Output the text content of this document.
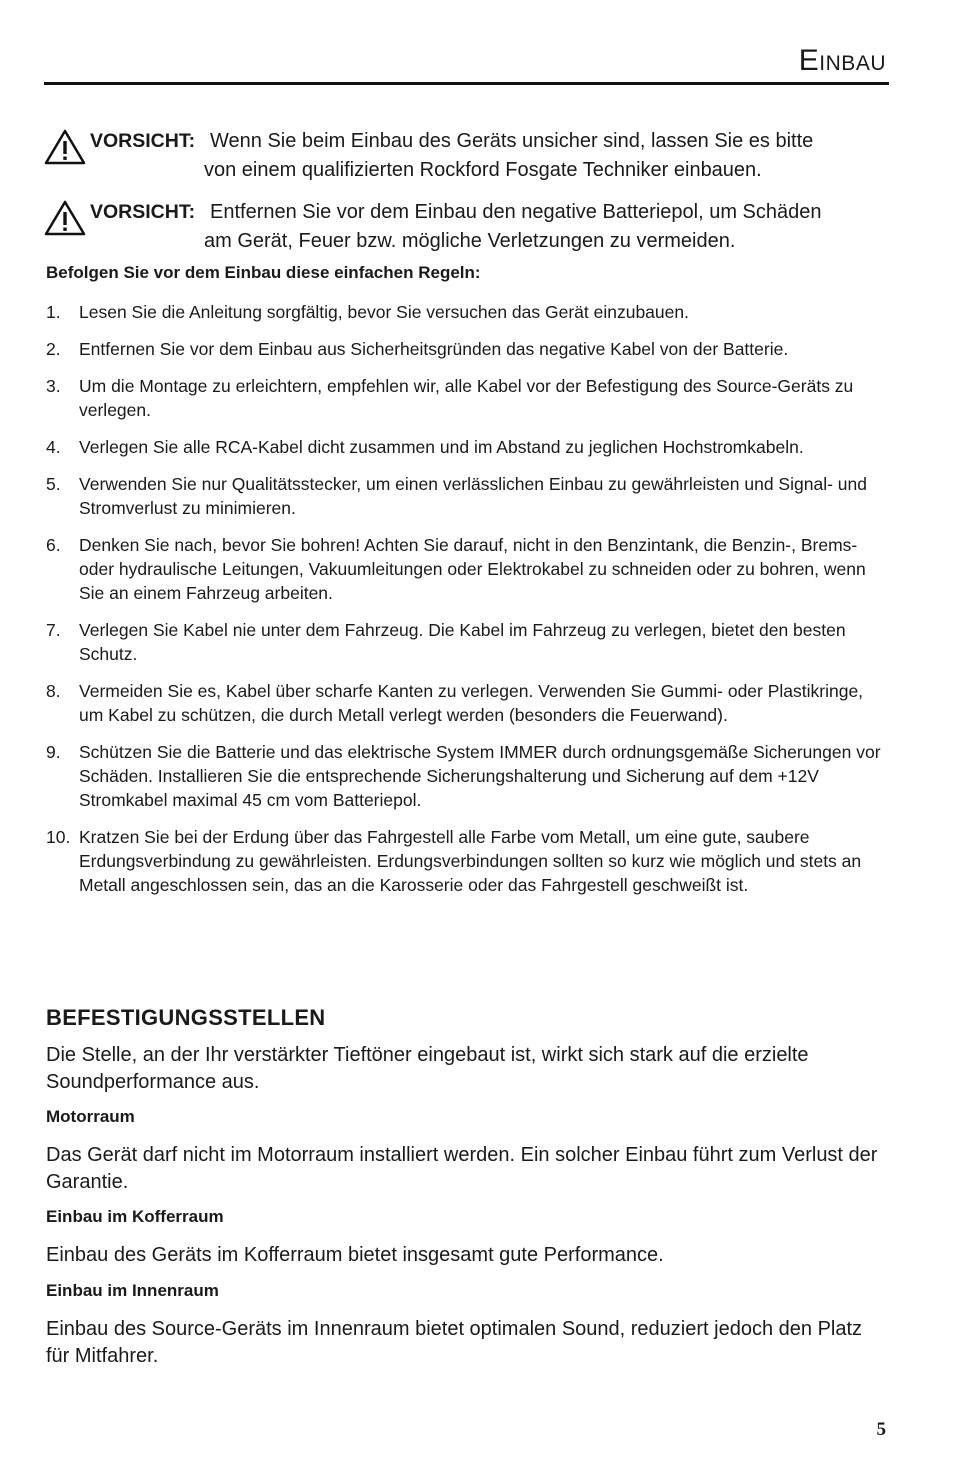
Einbau
VORSICHT: Wenn Sie beim Einbau des Geräts unsicher sind, lassen Sie es bitte
von einem qualifizierten Rockford Fosgate Techniker einbauen.
VORSICHT: Entfernen Sie vor dem Einbau den negative Batteriepol, um Schäden
am Gerät, Feuer bzw. mögliche Verletzungen zu vermeiden.
Befolgen Sie vor dem Einbau diese einfachen Regeln:
1. Lesen Sie die Anleitung sorgfältig, bevor Sie versuchen das Gerät einzubauen.
2. Entfernen Sie vor dem Einbau aus Sicherheitsgründen das negative Kabel von der Batterie.
3. Um die Montage zu erleichtern, empfehlen wir, alle Kabel vor der Befestigung des Source-Geräts zu verlegen.
4. Verlegen Sie alle RCA-Kabel dicht zusammen und im Abstand zu jeglichen Hochstromkabeln.
5. Verwenden Sie nur Qualitätsstecker, um einen verlässlichen Einbau zu gewährleisten und Signal- und Stromverlust zu minimieren.
6. Denken Sie nach, bevor Sie bohren! Achten Sie darauf, nicht in den Benzintank, die Benzin-, Brems- oder hydraulische Leitungen, Vakuumleitungen oder Elektrokabel zu schneiden oder zu bohren, wenn Sie an einem Fahrzeug arbeiten.
7. Verlegen Sie Kabel nie unter dem Fahrzeug. Die Kabel im Fahrzeug zu verlegen, bietet den besten Schutz.
8. Vermeiden Sie es, Kabel über scharfe Kanten zu verlegen. Verwenden Sie Gummi- oder Plastikringe, um Kabel zu schützen, die durch Metall verlegt werden (besonders die Feuerwand).
9. Schützen Sie die Batterie und das elektrische System IMMER durch ordnungsgemäße Sicherungen vor Schäden. Installieren Sie die entsprechende Sicherungshalterung und Sicherung auf dem +12V Stromkabel maximal 45 cm vom Batteriepol.
10. Kratzen Sie bei der Erdung über das Fahrgestell alle Farbe vom Metall, um eine gute, saubere Erdungsverbindung zu gewährleisten. Erdungsverbindungen sollten so kurz wie möglich und stets an Metall angeschlossen sein, das an die Karosserie oder das Fahrgestell geschweißt ist.
BEFESTIGUNGSSTELLEN
Die Stelle, an der Ihr verstärkter Tieftöner eingebaut ist, wirkt sich stark auf die erzielte Soundperformance aus.
Motorraum
Das Gerät darf nicht im Motorraum installiert werden. Ein solcher Einbau führt zum Verlust der Garantie.
Einbau im Kofferraum
Einbau des Geräts im Kofferraum bietet insgesamt gute Performance.
Einbau im Innenraum
Einbau des Source-Geräts im Innenraum bietet optimalen Sound, reduziert jedoch den Platz für Mitfahrer.
5
